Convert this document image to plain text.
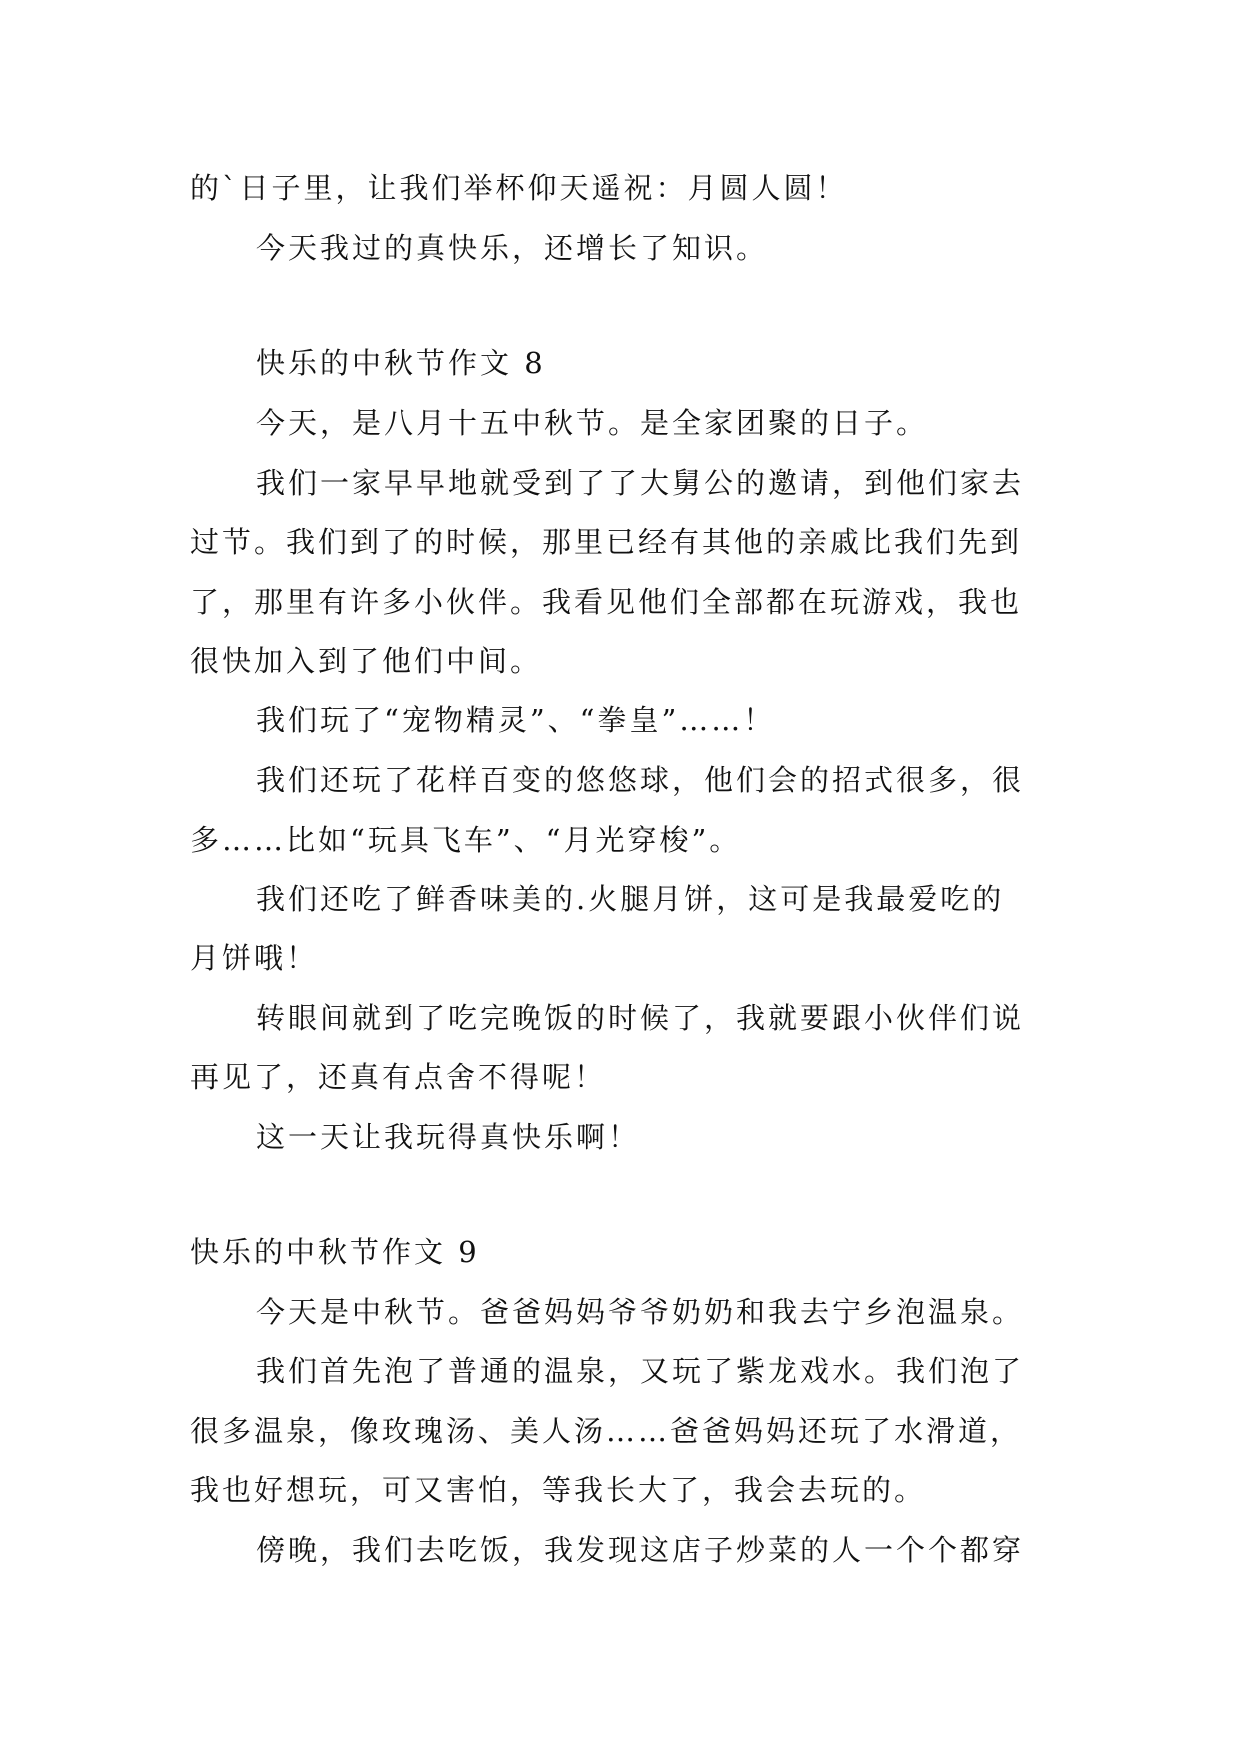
的`日子里，让我们举杯仰天遥祝：月圆人圆！
今天我过的真快乐，还增长了知识。
快乐的中秋节作文 8
今天，是八月十五中秋节。是全家团聚的日子。
我们一家早早地就受到了了大舅公的邀请，到他们家去
过节。我们到了的时候，那里已经有其他的亲戚比我们先到
了，那里有许多小伙伴。我看见他们全部都在玩游戏，我也
很快加入到了他们中间。
我们玩了“宠物精灵”、“拳皇”……！
我们还玩了花样百变的悠悠球，他们会的招式很多，很
多……比如“玩具飞车”、“月光穿梭”。
我们还吃了鲜香味美的.火腿月饼，这可是我最爱吃的
月饼哦！
转眼间就到了吃完晚饭的时候了，我就要跟小伙伴们说
再见了，还真有点舍不得呢！
这一天让我玩得真快乐啊！
快乐的中秋节作文 9
今天是中秋节。爸爸妈妈爷爷奶奶和我去宁乡泡温泉。
我们首先泡了普通的温泉，又玩了紫龙戏水。我们泡了
很多温泉，像玫瑰汤、美人汤……爸爸妈妈还玩了水滑道，
我也好想玩，可又害怕，等我长大了，我会去玩的。
傍晚，我们去吃饭，我发现这店子炒菜的人一个个都穿
